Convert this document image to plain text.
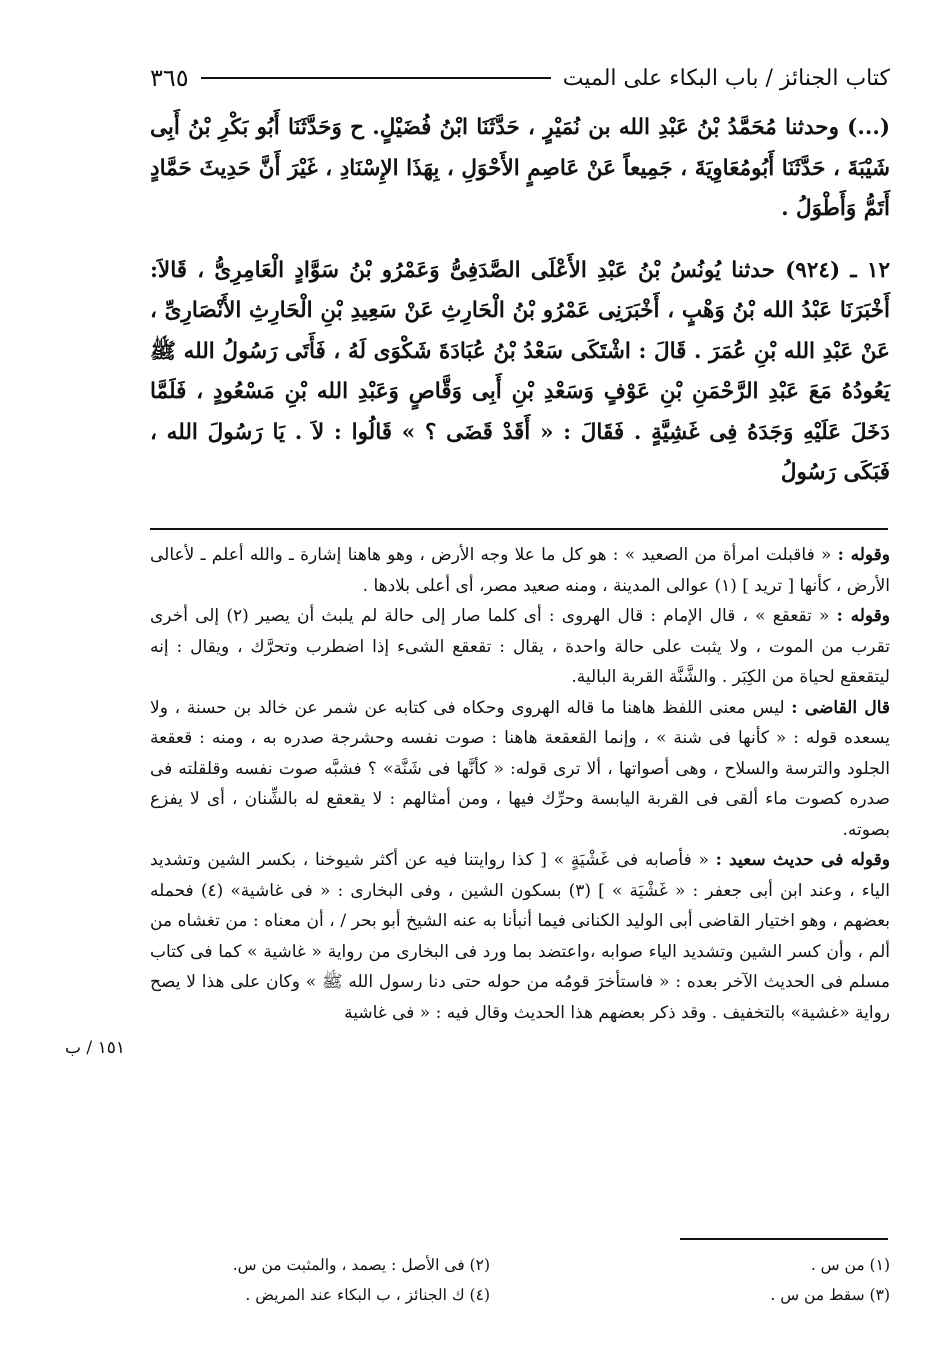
كتاب الجنائز / باب البكاء على الميت
٣٦٥

(...) وحدثنا مُحَمَّدُ بْنُ عَبْدِ الله بن نُمَيْرٍ ، حَدَّثَنَا ابْنُ فُضَيْلٍ. ح وَحَدَّثَنَا أَبُو بَكْرِ بْنُ أَبِى شَيْبَةَ ، حَدَّثَنَا أَبُومُعَاوِيَةَ ، جَمِيعاً عَنْ عَاصِمٍ الأَحْوَلِ ، بِهَذَا الإِسْنَادِ ، غَيْرَ أَنَّ حَدِيثَ حَمَّادٍ أَتَمُّ وَأَطْوَلُ .

١٢ ـ (٩٢٤) حدثنا يُونُسُ بْنُ عَبْدِ الأَعْلَى الصَّدَفِىُّ وَعَمْرُو بْنُ سَوَّادٍ الْعَامِرِىُّ ، قَالاَ: أَخْبَرَنَا عَبْدُ الله بْنُ وَهْبٍ ، أَخْبَرَنِى عَمْرُو بْنُ الْحَارِثِ عَنْ سَعِيدِ بْنِ الْحَارِثِ الأَنْصَارِىِّ ، عَنْ عَبْدِ الله بْنِ عُمَرَ . قَالَ : اشْتَكَى سَعْدُ بْنُ عُبَادَةَ شَكْوَى لَهُ ، فَأَتَى رَسُولُ الله ﷺ يَعُودُهُ مَعَ عَبْدِ الرَّحْمَنِ بْنِ عَوْفٍ وَسَعْدِ بْنِ أَبِى وَقَّاصٍ وَعَبْدِ الله بْنِ مَسْعُودٍ ، فَلَمَّا دَخَلَ عَلَيْهِ وَجَدَهُ فِى غَشِيَّةٍ . فَقَالَ : « أَقَدْ قَضَى ؟ » قَالُوا : لاَ . يَا رَسُولَ الله ، فَبَكَى رَسُولُ

وقوله : « فاقبلت امرأة من الصعيد » : هو كل ما علا وجه الأرض ، وهو هاهنا إشارة ـ والله أعلم ـ لأعالى الأرض ، كأنها [ تريد ] (١) عوالى المدينة ، ومنه صعيد مصر، أى أعلى بلادها .

وقوله : « تقعقع » ، قال الإمام : قال الهروى : أى كلما صار إلى حالة لم يلبث أن يصير (٢) إلى أخرى تقرب من الموت ، ولا يثبت على حالة واحدة ، يقال : تقعقع الشىء إذا اضطرب وتحرَّك ، ويقال : إنه ليتقعقع لحياة من الكِبَر . والشَّنَّة القربة البالية.

قال القاضى : ليس معنى اللفظ هاهنا ما قاله الهروى وحكاه فى كتابه عن شمر عن خالد بن حسنة ، ولا يسعده قوله : « كأنها فى شنة » ، وإنما القعقعة هاهنا : صوت نفسه وحشرجة صدره به ، ومنه : قعقعة الجلود والترسة والسلاح ، وهى أصواتها ، ألا ترى قوله: « كأنَّها فى شَنَّة» ؟ فشبَّه صوت نفسه وقلقلته فى صدره كصوت ماء ألقى فى القربة اليابسة وحرِّك فيها ، ومن أمثالهم : لا يقعقع له بالشِّنان ، أى لا يفزع بصوته.

وقوله فى حديث سعيد : « فأصابه فى غَشْيَةٍ » [ كذا روايتنا فيه عن أكثر شيوخنا ، بكسر الشين وتشديد الياء ، وعند ابن أبى جعفر : « غَشْيَة » ] (٣) بسكون الشين ، وفى البخارى : « فى غاشية» (٤) فحمله بعضهم ، وهو اختيار القاضى أبى الوليد الكنانى فيما أنبأنا به عنه الشيخ أبو بحر / ، أن معناه : من تغشاه من ألم ، وأن كسر الشين وتشديد الياء صوابه ،واعتضد بما ورد فى البخارى من رواية « غاشية » كما فى كتاب مسلم فى الحديث الآخر بعده : « فاستأخرَ قومُه من حوله حتى دنا رسول الله ﷺ » وكان على هذا لا يصح رواية «غشية» بالتخفيف . وقد ذكر بعضهم هذا الحديث وقال فيه : « فى غاشية

١٥١ / ب
(١) من س .
(٢) فى الأصل : يصمد ، والمثبت من س.
(٣) سقط من س .
(٤) ك الجنائز ، ب البكاء عند المريض .
